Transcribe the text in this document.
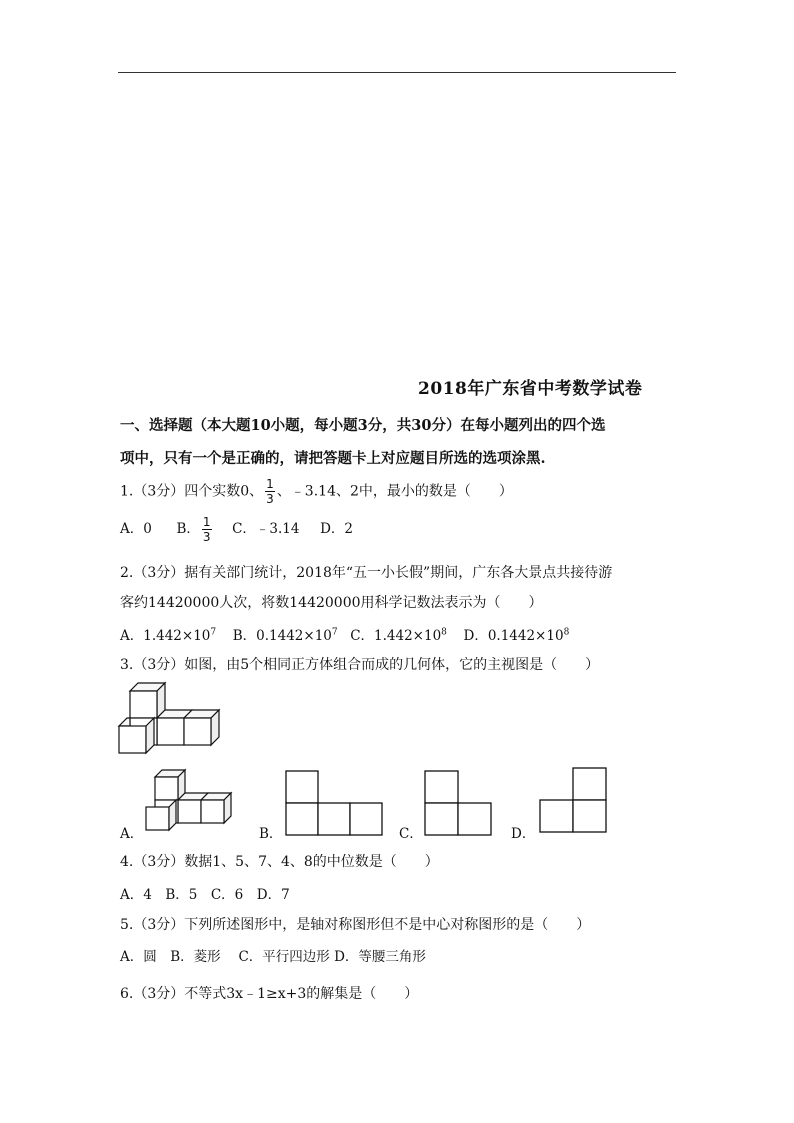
2018年广东省中考数学试卷
一、选择题（本大题10小题，每小题3分，共30分）在每小题列出的四个选
项中，只有一个是正确的，请把答题卡上对应题目所选的选项涂黑.
1.（3分）四个实数0、 $\frac{1}{3}$ 、﹣3.14、2中，最小的数是（　　）
A．0 B． $\frac{1}{3}$ C．﹣3.14 D．2
2.（3分）据有关部门统计，2018年“五一小长假”期间，广东各大景点共接待游
客约14420000人次，将数14420000用科学记数法表示为（　　）
A．$1.442\times 10^7$ B．$0.1442\times 10^7$ C．$1.442\times 10^8$ D．$0.1442\times 10^8$
3.（3分）如图，由5个相同正方体组合而成的几何体，它的主视图是（　　）
A．	B．	C．	D．
4.（3分）数据1、5、7、4、8的中位数是（　　）
A．4　B．5　C．6　D．7
5.（3分）下列所述图形中，是轴对称图形但不是中心对称图形的是（　　）
A．圆　B．菱形　 C．平行四边形 D．等腰三角形
6.（3分）不等式3x﹣1≥x+3的解集是（　　）
